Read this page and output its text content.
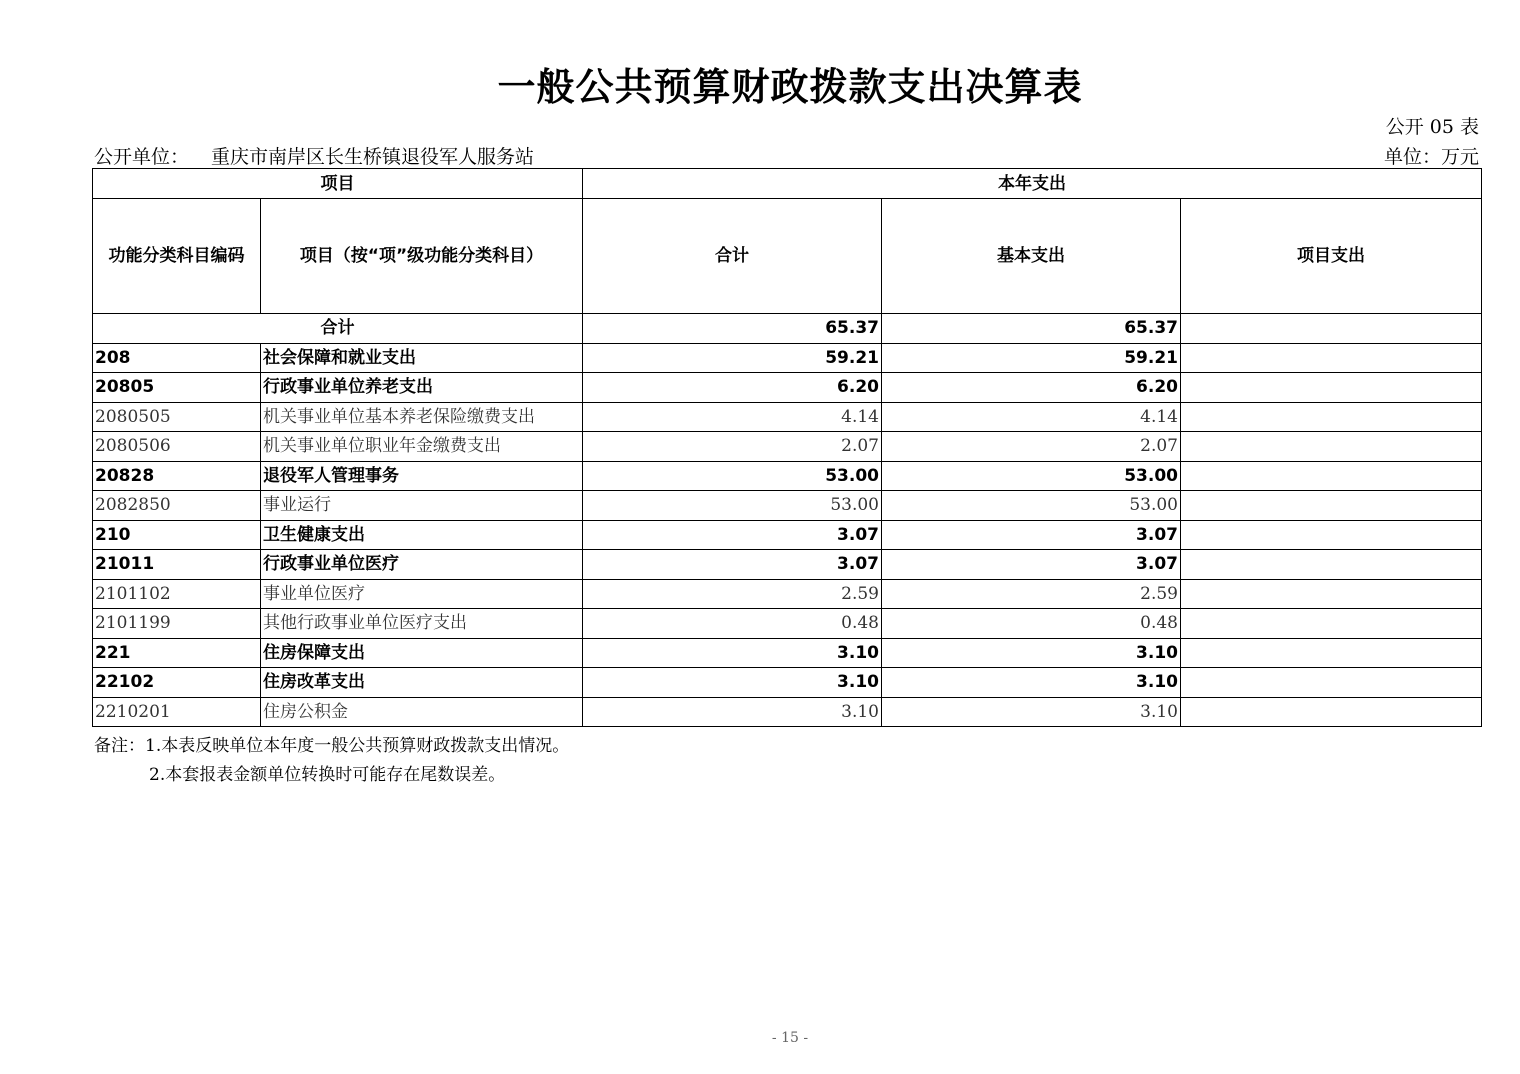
一般公共预算财政拨款支出决算表
公开 05 表
公开单位： 重庆市南岸区长生桥镇退役军人服务站	单位：万元
项目		本年支出		
功能分类科目编码	项目（按“项”级功能分类科目）	合计	基本支出	项目支出
合计		65.37	65.37	
208	社会保障和就业支出	59.21	59.21	
20805	行政事业单位养老支出	6.20	6.20	
2080505	机关事业单位基本养老保险缴费支出	4.14	4.14	
2080506	机关事业单位职业年金缴费支出	2.07	2.07	
20828	退役军人管理事务	53.00	53.00	
2082850	事业运行	53.00	53.00	
210	卫生健康支出	3.07	3.07	
21011	行政事业单位医疗	3.07	3.07	
2101102	事业单位医疗	2.59	2.59	
2101199	其他行政事业单位医疗支出	0.48	0.48	
221	住房保障支出	3.10	3.10	
22102	住房改革支出	3.10	3.10	
2210201	住房公积金	3.10	3.10	
备注：1.本表反映单位本年度一般公共预算财政拨款支出情况。
2.本套报表金额单位转换时可能存在尾数误差。
- 15 -
